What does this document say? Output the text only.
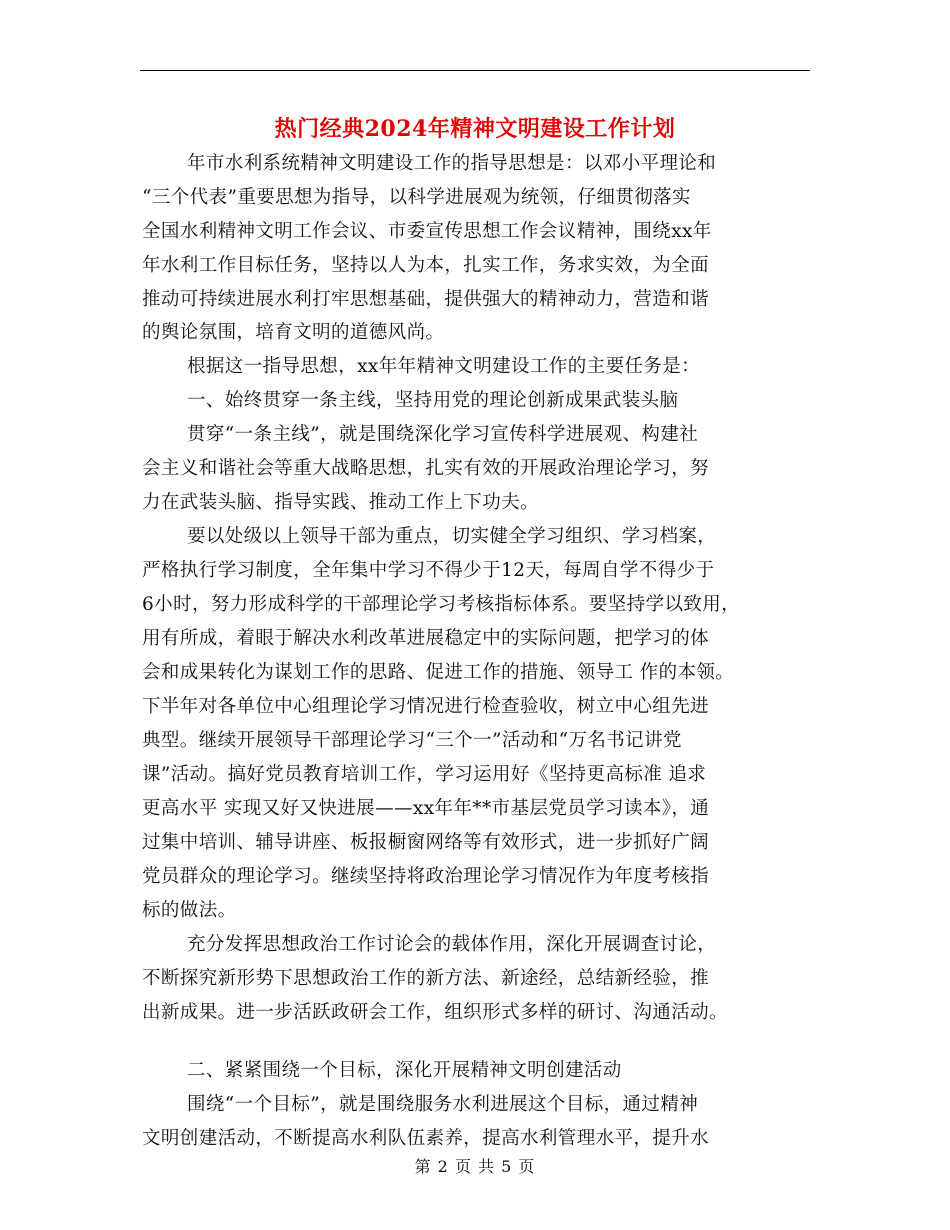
热门经典2024年精神文明建设工作计划
年市水利系统精神文明建设工作的指导思想是：以邓小平理论和
“三个代表”重要思想为指导，以科学进展观为统领，仔细贯彻落实
全国水利精神文明工作会议、市委宣传思想工作会议精神，围绕xx年
年水利工作目标任务，坚持以人为本，扎实工作，务求实效，为全面
推动可持续进展水利打牢思想基础，提供强大的精神动力，营造和谐
的舆论氛围，培育文明的道德风尚。
根据这一指导思想，xx年年精神文明建设工作的主要任务是：
一、始终贯穿一条主线，坚持用党的理论创新成果武装头脑
贯穿“一条主线”，就是围绕深化学习宣传科学进展观、构建社
会主义和谐社会等重大战略思想，扎实有效的开展政治理论学习，努
力在武装头脑、指导实践、推动工作上下功夫。
要以处级以上领导干部为重点，切实健全学习组织、学习档案，
严格执行学习制度，全年集中学习不得少于12天，每周自学不得少于
6小时，努力形成科学的干部理论学习考核指标体系。要坚持学以致用，
用有所成，着眼于解决水利改革进展稳定中的实际问题，把学习的体
会和成果转化为谋划工作的思路、促进工作的措施、领导工 作的本领。
下半年对各单位中心组理论学习情况进行检查验收，树立中心组先进
典型。继续开展领导干部理论学习“三个一”活动和“万名书记讲党
课”活动。搞好党员教育培训工作，学习运用好《坚持更高标准 追求
更高水平 实现又好又快进展——xx年年**市基层党员学习读本》，通
过集中培训、辅导讲座、板报橱窗网络等有效形式，进一步抓好广阔
党员群众的理论学习。继续坚持将政治理论学习情况作为年度考核指
标的做法。
充分发挥思想政治工作讨论会的载体作用，深化开展调查讨论，
不断探究新形势下思想政治工作的新方法、新途经，总结新经验，推
出新成果。进一步活跃政研会工作，组织形式多样的研讨、沟通活动。
二、紧紧围绕一个目标，深化开展精神文明创建活动
围绕“一个目标”，就是围绕服务水利进展这个目标，通过精神
文明创建活动，不断提高水利队伍素养，提高水利管理水平，提升水
第 2 页 共 5 页
